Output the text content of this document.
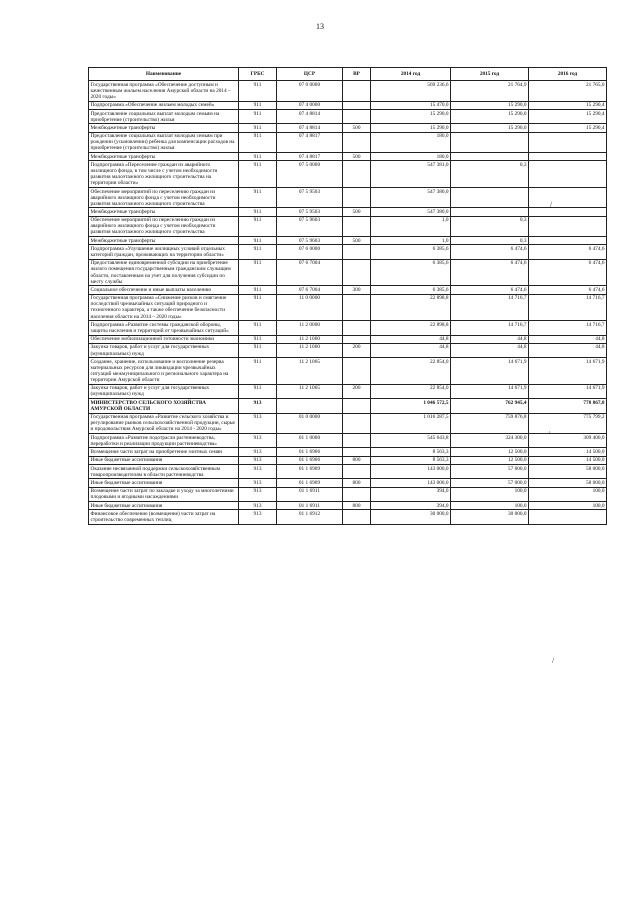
13
Наименование	ГРБС	ЦСР	ВР	2014 год	2015 год	2016 год
Государственная программа «Обеспечение доступным и качественным жильем населения Амурской области на 2014 – 2020 годы»	911	07 0 0000		569 236,6	21 764,9	21 765,0
Подпрограмма «Обеспечение жильем молодых семей»	911	07 4 0000		15 470,0	15 290,0	15 290,4
Предоставление социальных выплат молодым семьям на приобретение (строительство) жилья	911	07 4 8814		15 290,0	15 290,0	15 290,4
Межбюджетные трансферты	911	07 4 8814	500	15 290,0	15 290,0	15 290,4
Предоставление социальных выплат молодым семьям при рождении (усыновлении) ребенка для компенсации расходов на приобретение (строительство) жилья	911	07 4 8817		180,0		
Межбюджетные трансферты	911	07 4 8817	500	180,0		
Подпрограмма «Переселение граждан из аварийного жилищного фонда, в том числе с учетом необходимости развития малоэтажного жилищного строительства на территории области»	911	07 5 0000		547 381,0	0,3	
Обеспечение мероприятий по переселению граждан из аварийного жилищного фонда с учетом необходимости развития малоэтажного жилищного строительства	911	07 5 9503		547 380,0		
Межбюджетные трансферты	911	07 5 9503	500	547 380,0		
Обеспечение мероприятий по переселению граждан из аварийного жилищного фонда с учетом необходимости развития малоэтажного жилищного строительства	911	07 5 9603		1,0	0,3	
Межбюджетные трансферты	911	07 5 9603	500	1,0	0,3	
Подпрограмма «Улучшение жилищных условий отдельных категорий граждан, проживающих на территории области»	911	07 6 0000		6 385,6	6 474,6	6 474,6
Предоставление единовременной субсидии на приобретение жилого помещения государственным гражданским служащим области, поставленным на учет для получения субсидии по месту службы	911	07 6 7004		6 385,6	6 474,6	6 474,6
Социальное обеспечение и иные выплаты населению	911	07 6 7004	300	6 385,6	6 474,6	6 474,6
Государственная программа «Снижение рисков и смягчение последствий чрезвычайных ситуаций природного и техногенного характера, а также обеспечение безопасности населения области на 2014 – 2020 годы»	911	11 0 0000		22 898,8	14 716,7	14 716,7
Подпрограмма «Развитие системы гражданской обороны, защиты населения и территорий от чрезвычайных ситуаций»	911	11 2 0000		22 898,8	14 716,7	14 716,7
Обеспечение мобилизационной готовности экономики	911	11 2 1060		44,8	44,8	44,8
Закупка товаров, работ и услуг для государственных (муниципальных) нужд	911	11 2 1060	200	44,8	44,8	44,8
Создание, хранение, использование и восполнение резерва материальных ресурсов для ликвидации чрезвычайных ситуаций межмуниципального и регионального характера на территории Амурской области	911	11 2 1065		22 854,0	14 671,9	14 671,9
Закупка товаров, работ и услуг для государственных (муниципальных) нужд	911	11 2 1065	200	22 854,0	14 671,9	14 671,9
МИНИСТЕРСТВО СЕЛЬСКОГО ХОЗЯЙСТВА АМУРСКОЙ ОБЛАСТИ	913			1 046 572,5	762 945,4	778 867,8
Государственная программа «Развитие сельского хозяйства и регулирование рынков сельскохозяйственной продукции, сырья и продовольствия Амурской области на 2014 - 2020 годы»	913	01 0 0000		1 016 287,5	759 876,8	775 799,2
Подпрограмма «Развитие подотрасли растениеводства, переработки и реализации продукции растениеводства»	913	01 1 0000		545 643,8	324 300,0	309 400,0
Возмещение части затрат на приобретение элитных семян	913	01 1 6906		8 563,3	12 500,0	14 500,0
Иные бюджетные ассигнования	913	01 1 6906	800	8 563,3	12 500,0	14 500,0
Оказание несвязанной поддержки сельскохозяйственным товаропроизводителям в области растениеводства	913	01 1 6909		143 000,0	57 000,0	58 000,0
Иные бюджетные ассигнования	913	01 1 6909	800	143 000,0	57 000,0	58 000,0
Возмещение части затрат по закладке и уходу за многолетними плодовыми и ягодными насаждениями	913	01 1 6911		394,0	100,0	100,0
Иные бюджетные ассигнования	913	01 1 6911	800	394,0	100,0	100,0
Финансовое обеспечение (возмещение) части затрат на строительство современных теплиц	913	01 1 6912		30 000,0	30 000,0	
/
·
/
